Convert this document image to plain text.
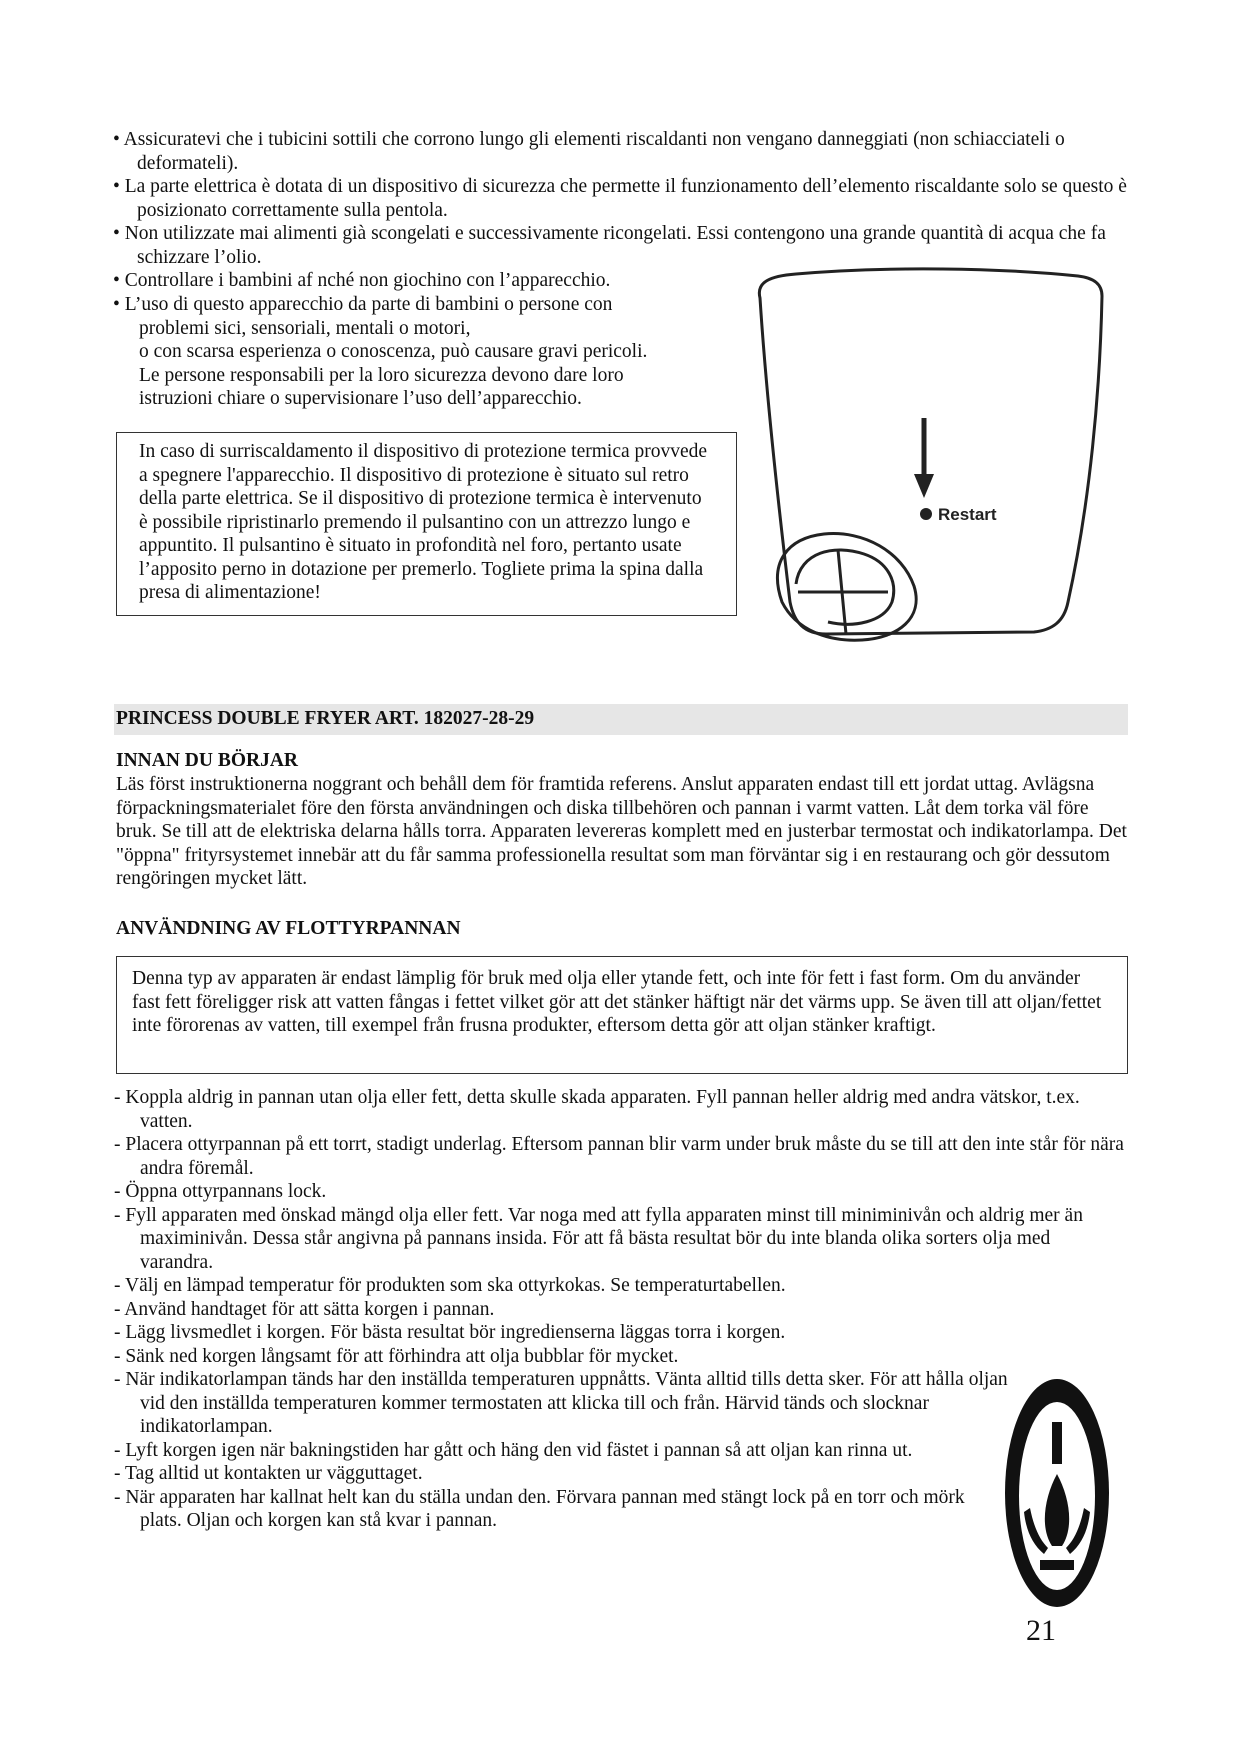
• Assicuratevi che i tubicini sottili che corrono lungo gli elementi riscaldanti non vengano danneggiati (non schiacciateli o deformateli).
• La parte elettrica è dotata di un dispositivo di sicurezza che permette il funzionamento dell’elemento riscaldante solo se questo è posizionato correttamente sulla pentola.
• Non utilizzate mai alimenti già scongelati e successivamente ricongelati. Essi contengono una grande quantità di acqua che fa schizzare l’olio.
• Controllare i bambini af nché non giochino con l’apparecchio.
• L’uso di questo apparecchio da parte di bambini o persone con
problemi sici, sensoriali, mentali o motori,
o con scarsa esperienza o conoscenza, può causare gravi pericoli.
Le persone responsabili per la loro sicurezza devono dare loro
istruzioni chiare o supervisionare l’uso dell’apparecchio.
In caso di surriscaldamento il dispositivo di protezione termica provvede a spegnere l'apparecchio. Il dispositivo di protezione è situato sul retro della parte elettrica. Se il dispositivo di protezione termica è intervenuto è possibile ripristinarlo premendo il pulsantino con un attrezzo lungo e appuntito. Il pulsantino è situato in profondità nel foro, pertanto usate l’apposito perno in dotazione per premerlo. Togliete prima la spina dalla presa di alimentazione!
Restart
PRINCESS DOUBLE FRYER ART. 182027-28-29
INNAN DU BÖRJAR
Läs först instruktionerna noggrant och behåll dem för framtida referens. Anslut apparaten endast till ett jordat uttag. Avlägsna förpackningsmaterialet före den första användningen och diska tillbehören och pannan i varmt vatten. Låt dem torka väl före bruk. Se till att de elektriska delarna hålls torra. Apparaten levereras komplett med en justerbar termostat och indikatorlampa. Det "öppna" frityrsystemet innebär att du får samma professionella resultat som man förväntar sig i en restaurang och gör dessutom rengöringen mycket lätt.
ANVÄNDNING AV FLOTTYRPANNAN
Denna typ av apparaten är endast lämplig för bruk med olja eller ytande fett, och inte för fett i fast form. Om du använder fast fett föreligger risk att vatten fångas i fettet vilket gör att det stänker häftigt när det värms upp. Se även till att oljan/fettet inte förorenas av vatten, till exempel från frusna produkter, eftersom detta gör att oljan stänker kraftigt.
- Koppla aldrig in pannan utan olja eller fett, detta skulle skada apparaten. Fyll pannan heller aldrig med andra vätskor, t.ex. vatten.
- Placera ottyrpannan på ett torrt, stadigt underlag. Eftersom pannan blir varm under bruk måste du se till att den inte står för nära andra föremål.
- Öppna ottyrpannans lock.
- Fyll apparaten med önskad mängd olja eller fett. Var noga med att fylla apparaten minst till miniminivån och aldrig mer än maximinivån. Dessa står angivna på pannans insida. För att få bästa resultat bör du inte blanda olika sorters olja med varandra.
- Välj en lämpad temperatur för produkten som ska ottyrkokas. Se temperaturtabellen.
- Använd handtaget för att sätta korgen i pannan.
- Lägg livsmedlet i korgen. För bästa resultat bör ingredienserna läggas torra i korgen.
- Sänk ned korgen långsamt för att förhindra att olja bubblar för mycket.
- När indikatorlampan tänds har den inställda temperaturen uppnåtts. Vänta alltid tills detta sker. För att hålla oljan vid den inställda temperaturen kommer termostaten att klicka till och från. Härvid tänds och slocknar indikatorlampan.
- Lyft korgen igen när bakningstiden har gått och häng den vid fästet i pannan så att oljan kan rinna ut.
- Tag alltid ut kontakten ur vägguttaget.
- När apparaten har kallnat helt kan du ställa undan den. Förvara pannan med stängt lock på en torr och mörk plats. Oljan och korgen kan stå kvar i pannan.
21
